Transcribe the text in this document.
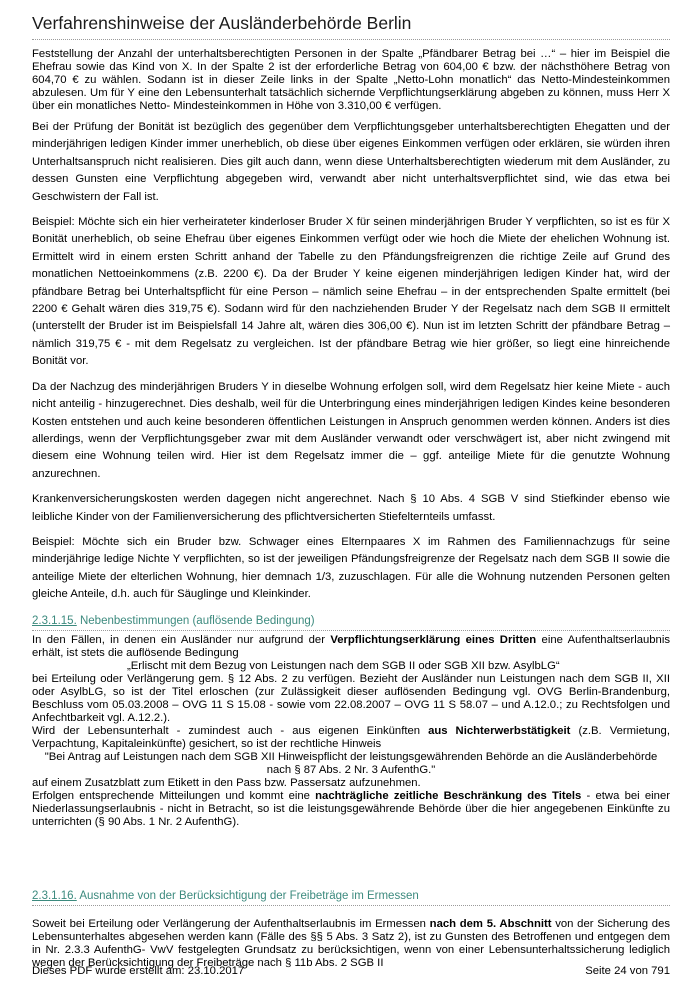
Verfahrenshinweise der Ausländerbehörde Berlin

Feststellung der Anzahl der unterhaltsberechtigten Personen in der Spalte „Pfändbarer Betrag bei …“ – hier im Beispiel die Ehefrau sowie das Kind von X. In der Spalte 2 ist der erforderliche Betrag von 604,00 € bzw. der nächsthöhere Betrag von 604,70 € zu wählen. Sodann ist in dieser Zeile links in der Spalte „Netto-Lohn monatlich“ das Netto-Mindesteinkommen abzulesen. Um für Y eine den Lebensunterhalt tatsächlich sichernde Verpflichtungserklärung abgeben zu können, muss Herr X über ein monatliches Netto- Mindesteinkommen in Höhe von 3.310,00 € verfügen.

Bei der Prüfung der Bonität ist bezüglich des gegenüber dem Verpflichtungsgeber unterhaltsberechtigten Ehegatten und der minderjährigen ledigen Kinder immer unerheblich, ob diese über eigenes Einkommen verfügen oder erklären, sie würden ihren Unterhaltsanspruch nicht realisieren. Dies gilt auch dann, wenn diese Unterhaltsberechtigten wiederum mit dem Ausländer, zu dessen Gunsten eine Verpflichtung abgegeben wird, verwandt aber nicht unterhaltsverpflichtet sind, wie das etwa bei Geschwistern der Fall ist.

Beispiel: Möchte sich ein hier verheirateter kinderloser Bruder X für seinen minderjährigen Bruder Y verpflichten, so ist es für X Bonität unerheblich, ob seine Ehefrau über eigenes Einkommen verfügt oder wie hoch die Miete der ehelichen Wohnung ist. Ermittelt wird in einem ersten Schritt anhand der Tabelle zu den Pfändungsfreigrenzen die richtige Zeile auf Grund des monatlichen Nettoeinkommens (z.B. 2200 €). Da der Bruder Y keine eigenen minderjährigen ledigen Kinder hat, wird der pfändbare Betrag bei Unterhaltspflicht für eine Person – nämlich seine Ehefrau – in der entsprechenden Spalte ermittelt (bei 2200 € Gehalt wären dies 319,75 €). Sodann wird für den nachziehenden Bruder Y der Regelsatz nach dem SGB II ermittelt (unterstellt der Bruder ist im Beispielsfall 14 Jahre alt, wären dies 306,00 €). Nun ist im letzten Schritt der pfändbare Betrag – nämlich 319,75 € - mit dem Regelsatz zu vergleichen. Ist der pfändbare Betrag wie hier größer, so liegt eine hinreichende Bonität vor.

Da der Nachzug des minderjährigen Bruders Y in dieselbe Wohnung erfolgen soll, wird dem Regelsatz hier keine Miete - auch nicht anteilig - hinzugerechnet. Dies deshalb, weil für die Unterbringung eines minderjährigen ledigen Kindes keine besonderen Kosten entstehen und auch keine besonderen öffentlichen Leistungen in Anspruch genommen werden können. Anders ist dies allerdings, wenn der Verpflichtungsgeber zwar mit dem Ausländer verwandt oder verschwägert ist, aber nicht zwingend mit diesem eine Wohnung teilen wird. Hier ist dem Regelsatz immer die – ggf. anteilige Miete für die genutzte Wohnung anzurechnen.

Krankenversicherungskosten werden dagegen nicht angerechnet. Nach § 10 Abs. 4 SGB V sind Stiefkinder ebenso wie leibliche Kinder von der Familienversicherung des pflichtversicherten Stiefelternteils umfasst.

Beispiel: Möchte sich ein Bruder bzw. Schwager eines Elternpaares X im Rahmen des Familiennachzugs für seine minderjährige ledige Nichte Y verpflichten, so ist der jeweiligen Pfändungsfreigrenze der Regelsatz nach dem SGB II sowie die anteilige Miete der elterlichen Wohnung, hier demnach 1/3, zuzuschlagen. Für alle die Wohnung nutzenden Personen gelten gleiche Anteile, d.h. auch für Säuglinge und Kleinkinder.

2.3.1.15. Nebenbestimmungen (auflösende Bedingung)

In den Fällen, in denen ein Ausländer nur aufgrund der Verpflichtungserklärung eines Dritten eine Aufenthaltserlaubnis erhält, ist stets die auflösende Bedingung

„Erlischt mit dem Bezug von Leistungen nach dem SGB II oder SGB XII bzw. AsylbLG“

bei Erteilung oder Verlängerung gem. § 12 Abs. 2 zu verfügen. Bezieht der Ausländer nun Leistungen nach dem SGB II, XII oder AsylbLG, so ist der Titel erloschen (zur Zulässigkeit dieser auflösenden Bedingung vgl. OVG Berlin-Brandenburg, Beschluss vom 05.03.2008 – OVG 11 S 15.08 - sowie vom 22.08.2007 – OVG 11 S 58.07 – und A.12.0.; zu Rechtsfolgen und Anfechtbarkeit vgl. A.12.2.).

Wird der Lebensunterhalt - zumindest auch - aus eigenen Einkünften aus Nichterwerbstätigkeit (z.B. Vermietung, Verpachtung, Kapitaleinkünfte) gesichert, so ist der rechtliche Hinweis

"Bei Antrag auf Leistungen nach dem SGB XII Hinweispflicht der leistungsgewährenden Behörde an die Ausländerbehörde nach § 87 Abs. 2 Nr. 3 AufenthG."

auf einem Zusatzblatt zum Etikett in den Pass bzw. Passersatz aufzunehmen.

Erfolgen entsprechende Mitteilungen und kommt eine nachträgliche zeitliche Beschränkung des Titels - etwa bei einer Niederlassungserlaubnis - nicht in Betracht, so ist die leistungsgewährende Behörde über die hier angegebenen Einkünfte zu unterrichten (§ 90 Abs. 1 Nr. 2 AufenthG).

2.3.1.16. Ausnahme von der Berücksichtigung der Freibeträge im Ermessen

Soweit bei Erteilung oder Verlängerung der Aufenthaltserlaubnis im Ermessen nach dem 5. Abschnitt von der Sicherung des Lebensunterhaltes abgesehen werden kann (Fälle des §§ 5 Abs. 3 Satz 2), ist zu Gunsten des Betroffenen und entgegen dem in Nr. 2.3.3 AufenthG- VwV festgelegten Grundsatz zu berücksichtigen, wenn von einer Lebensunterhaltssicherung lediglich wegen der Berücksichtigung der Freibeträge nach § 11b Abs. 2 SGB II

Dieses PDF wurde erstellt am: 23.10.2017	Seite 24 von 791
